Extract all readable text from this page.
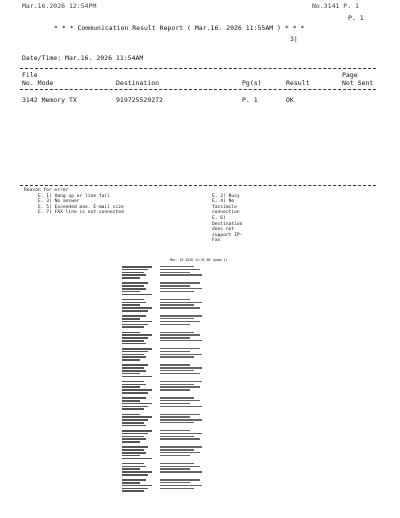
Mar.16.2026 12:54PM	No.3141 P. 1
P. 1
* * * Communication Result Report ( Mar.16. 2026 11:55AM ) * * *
3|
Date/Time: Mar.16. 2026 11:54AM
File
No. Mode	Destination	Pg(s)	Result
Page
Not Sent
3142 Memory TX	919725529272	P. 1	OK
Reason for error
E. 1) Hang up or line fail
E. 3) No answer
E. 5) Exceeded max. E-mail size
E. 7) FAX line is not connected
E. 2) Busy
E. 4) No facsimile connection
E. 6) Destination does not support IP-Fax
Mar. 16.2026 11:49 AM (page 1)
